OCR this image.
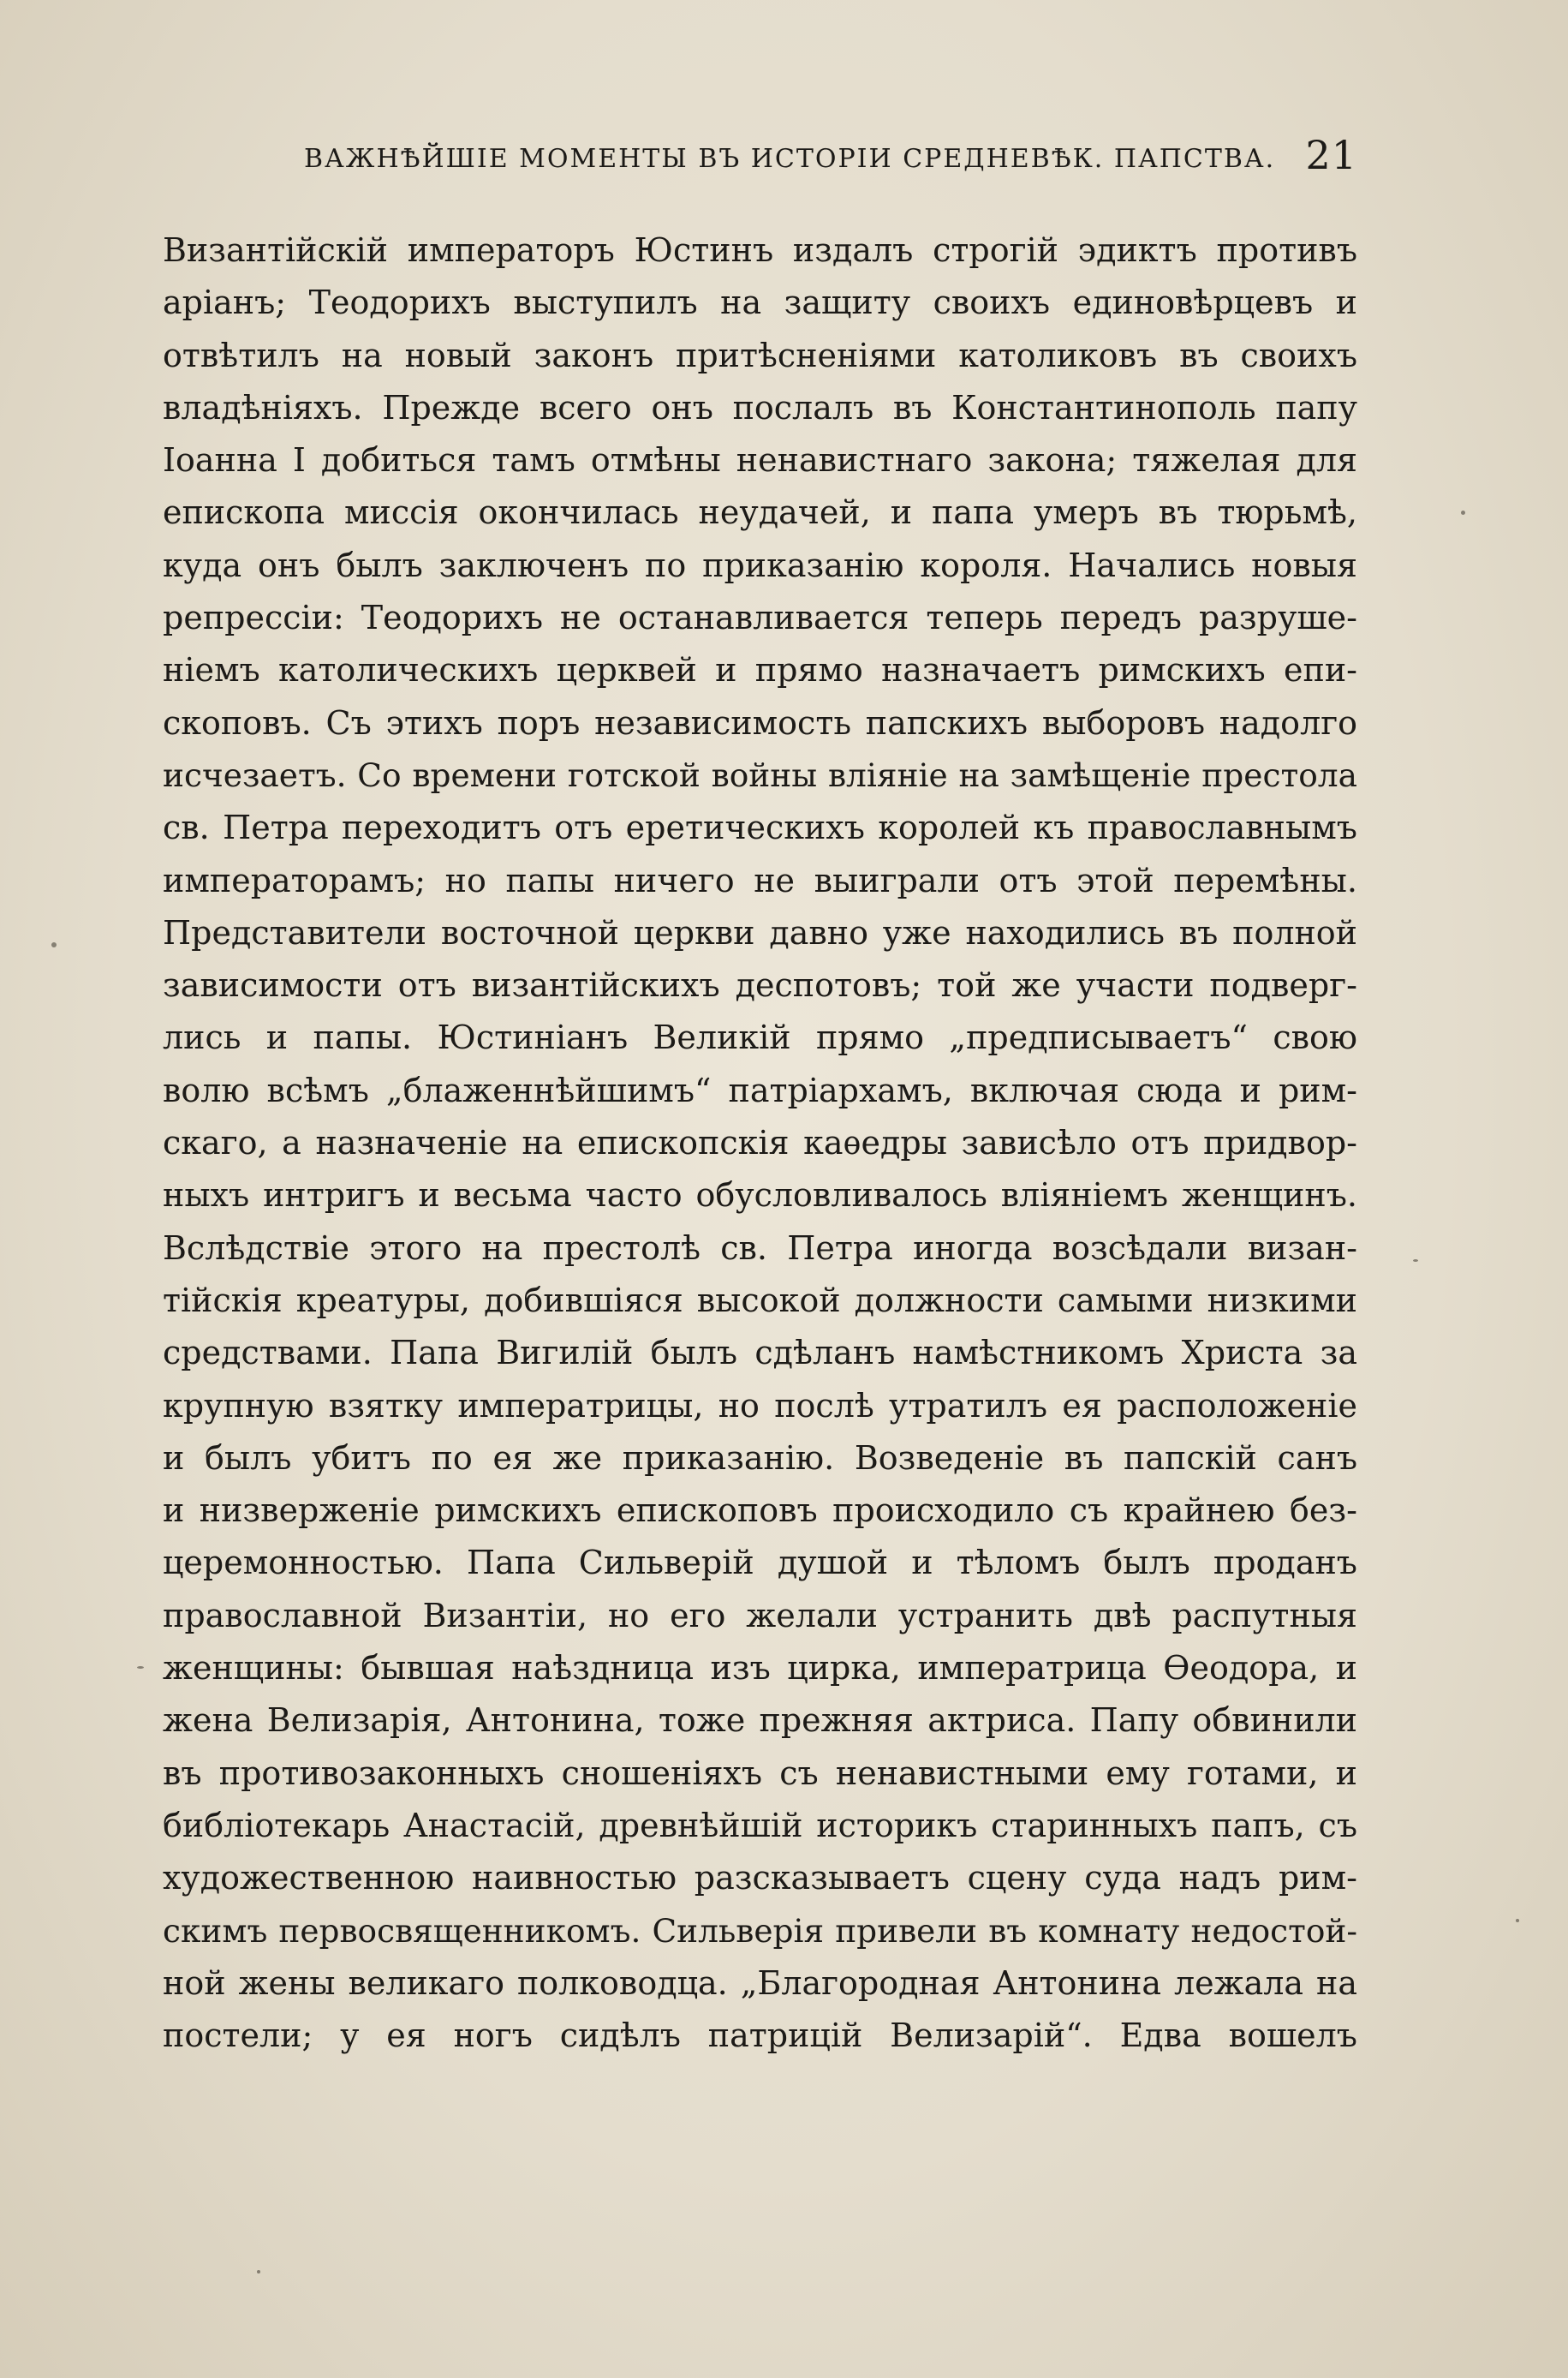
ВАЖНѢЙШІЕ МОМЕНТЫ ВЪ ИСТОРІИ СРЕДНЕВѢК. ПАПСТВА. 21
Византійскій императоръ Юстинъ издалъ строгій эдиктъ противъ
аріанъ; Теодорихъ выступилъ на защиту своихъ единовѣрцевъ и
отвѣтилъ на новый законъ притѣсненіями католиковъ въ своихъ
владѣніяхъ. Прежде всего онъ послалъ въ Константинополь папу
Іоанна I добиться тамъ отмѣны ненавистнаго закона; тяжелая для
епископа миссія окончилась неудачей, и папа умеръ въ тюрьмѣ,
куда онъ былъ заключенъ по приказанію короля. Начались новыя
репрессіи: Теодорихъ не останавливается теперь передъ разруше-
ніемъ католическихъ церквей и прямо назначаетъ римскихъ епи-
скоповъ. Съ этихъ поръ независимость папскихъ выборовъ надолго
исчезаетъ. Со времени готской войны вліяніе на замѣщеніе престола
св. Петра переходитъ отъ еретическихъ королей къ православнымъ
императорамъ; но папы ничего не выиграли отъ этой перемѣны.
Представители восточной церкви давно уже находились въ полной
зависимости отъ византійскихъ деспотовъ; той же участи подверг-
лись и папы. Юстиніанъ Великій прямо „предписываетъ“ свою
волю всѣмъ „блаженнѣйшимъ“ патріархамъ, включая сюда и рим-
скаго, а назначеніе на епископскія каѳедры зависѣло отъ придвор-
ныхъ интригъ и весьма часто обусловливалось вліяніемъ женщинъ.
Вслѣдствіе этого на престолѣ св. Петра иногда возсѣдали визан-
тійскія креатуры, добившіяся высокой должности самыми низкими
средствами. Папа Вигилій былъ сдѣланъ намѣстникомъ Христа за
крупную взятку императрицы, но послѣ утратилъ ея расположеніе
и былъ убитъ по ея же приказанію. Возведеніе въ папскій санъ
и низверженіе римскихъ епископовъ происходило съ крайнею без-
церемонностью. Папа Сильверій душой и тѣломъ былъ проданъ
православной Византіи, но его желали устранить двѣ распутныя
женщины: бывшая наѣздница изъ цирка, императрица Ѳеодора, и
жена Велизарія, Антонина, тоже прежняя актриса. Папу обвинили
въ противозаконныхъ сношеніяхъ съ ненавистными ему готами, и
библіотекарь Анастасій, древнѣйшій историкъ старинныхъ папъ, съ
художественною наивностью разсказываетъ сцену суда надъ рим-
скимъ первосвященникомъ. Сильверія привели въ комнату недостой-
ной жены великаго полководца. „Благородная Антонина лежала на
постели; у ея ногъ сидѣлъ патрицій Велизарій“. Едва вошелъ
